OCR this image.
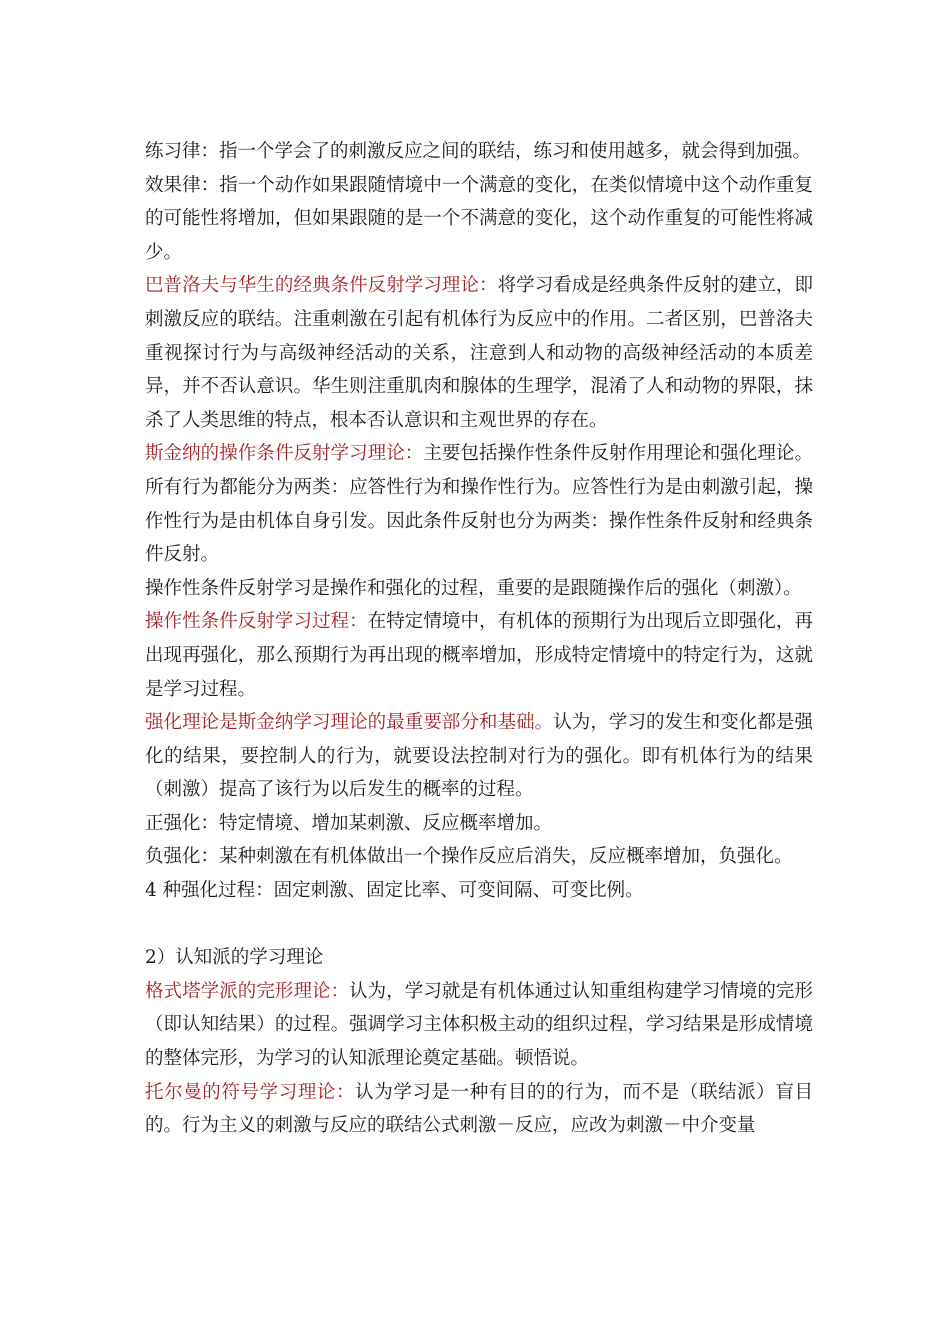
练习律：指一个学会了的刺激反应之间的联结，练习和使用越多，就会得到加强。

效果律：指一个动作如果跟随情境中一个满意的变化，在类似情境中这个动作重复的可能性将增加，但如果跟随的是一个不满意的变化，这个动作重复的可能性将减少。

巴普洛夫与华生的经典条件反射学习理论：将学习看成是经典条件反射的建立，即刺激反应的联结。注重刺激在引起有机体行为反应中的作用。二者区别，巴普洛夫重视探讨行为与高级神经活动的关系，注意到人和动物的高级神经活动的本质差异，并不否认意识。华生则注重肌肉和腺体的生理学，混淆了人和动物的界限，抹杀了人类思维的特点，根本否认意识和主观世界的存在。

斯金纳的操作条件反射学习理论：主要包括操作性条件反射作用理论和强化理论。所有行为都能分为两类：应答性行为和操作性行为。应答性行为是由刺激引起，操作性行为是由机体自身引发。因此条件反射也分为两类：操作性条件反射和经典条件反射。

操作性条件反射学习是操作和强化的过程，重要的是跟随操作后的强化（刺激）。

操作性条件反射学习过程：在特定情境中，有机体的预期行为出现后立即强化，再出现再强化，那么预期行为再出现的概率增加，形成特定情境中的特定行为，这就是学习过程。

强化理论是斯金纳学习理论的最重要部分和基础。认为，学习的发生和变化都是强化的结果，要控制人的行为，就要设法控制对行为的强化。即有机体行为的结果（刺激）提高了该行为以后发生的概率的过程。

正强化：特定情境、增加某刺激、反应概率增加。

负强化：某种刺激在有机体做出一个操作反应后消失，反应概率增加，负强化。

4 种强化过程：固定刺激、固定比率、可变间隔、可变比例。

2）认知派的学习理论

格式塔学派的完形理论：认为，学习就是有机体通过认知重组构建学习情境的完形（即认知结果）的过程。强调学习主体积极主动的组织过程，学习结果是形成情境的整体完形，为学习的认知派理论奠定基础。顿悟说。

托尔曼的符号学习理论：认为学习是一种有目的的行为，而不是（联结派）盲目的。行为主义的刺激与反应的联结公式刺激－反应，应改为刺激－中介变量
